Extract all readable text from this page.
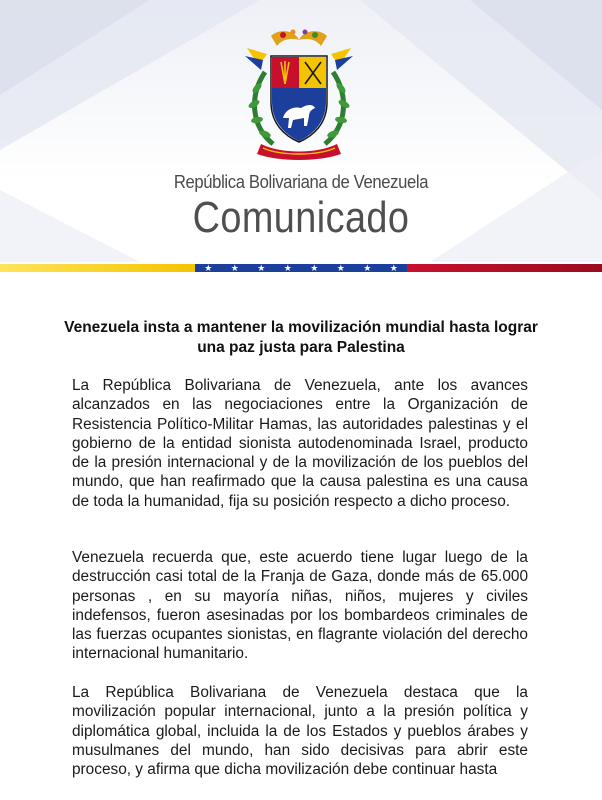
República Bolivariana de Venezuela
Comunicado
★ ★ ★ ★ ★ ★ ★ ★
Venezuela insta a mantener la movilización mundial hasta lograr una paz justa para Palestina

La República Bolivariana de Venezuela, ante los avances alcanzados en las negociaciones entre la Organización de Resistencia Político-Militar Hamas, las autoridades palestinas y el gobierno de la entidad sionista autodenominada Israel, producto de la presión internacional y de la movilización de los pueblos del mundo, que han reafirmado que la causa palestina es una causa de toda la humanidad, fija su posición respecto a dicho proceso.

Venezuela recuerda que, este acuerdo tiene lugar luego de la destrucción casi total de la Franja de Gaza, donde más de 65.000 personas , en su mayoría niñas, niños, mujeres y civiles indefensos, fueron asesinadas por los bombardeos criminales de las fuerzas ocupantes sionistas, en flagrante violación del derecho internacional humanitario.

La República Bolivariana de Venezuela destaca que la movilización popular internacional, junto a la presión política y diplomática global, incluida la de los Estados y pueblos árabes y musulmanes del mundo, han sido decisivas para abrir este proceso, y afirma que dicha movilización debe continuar hasta
